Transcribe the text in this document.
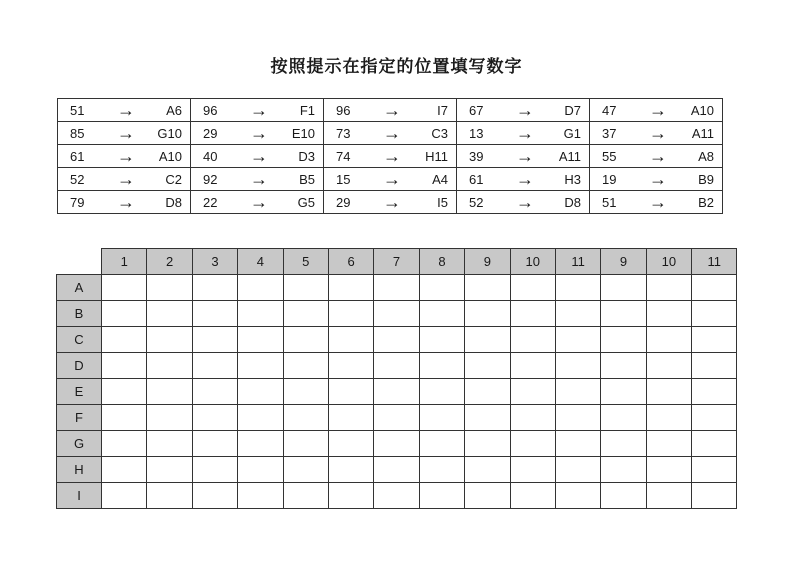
按照提示在指定的位置填写数字
51	→	A6	96	→	F1	96	→	I7	67	→	D7	47	→	A10
85	→	G10	29	→	E10	73	→	C3	13	→	G1	37	→	A11
61	→	A10	40	→	D3	74	→	H11	39	→	A11	55	→	A8
52	→	C2	92	→	B5	15	→	A4	61	→	H3	19	→	B9
79	→	D8	22	→	G5	29	→	I5	52	→	D8	51	→	B2
	1	2	3	4	5	6	7	8	9	10	11	9	10	11
A														
B														
C														
D														
E														
F														
G														
H														
I														
